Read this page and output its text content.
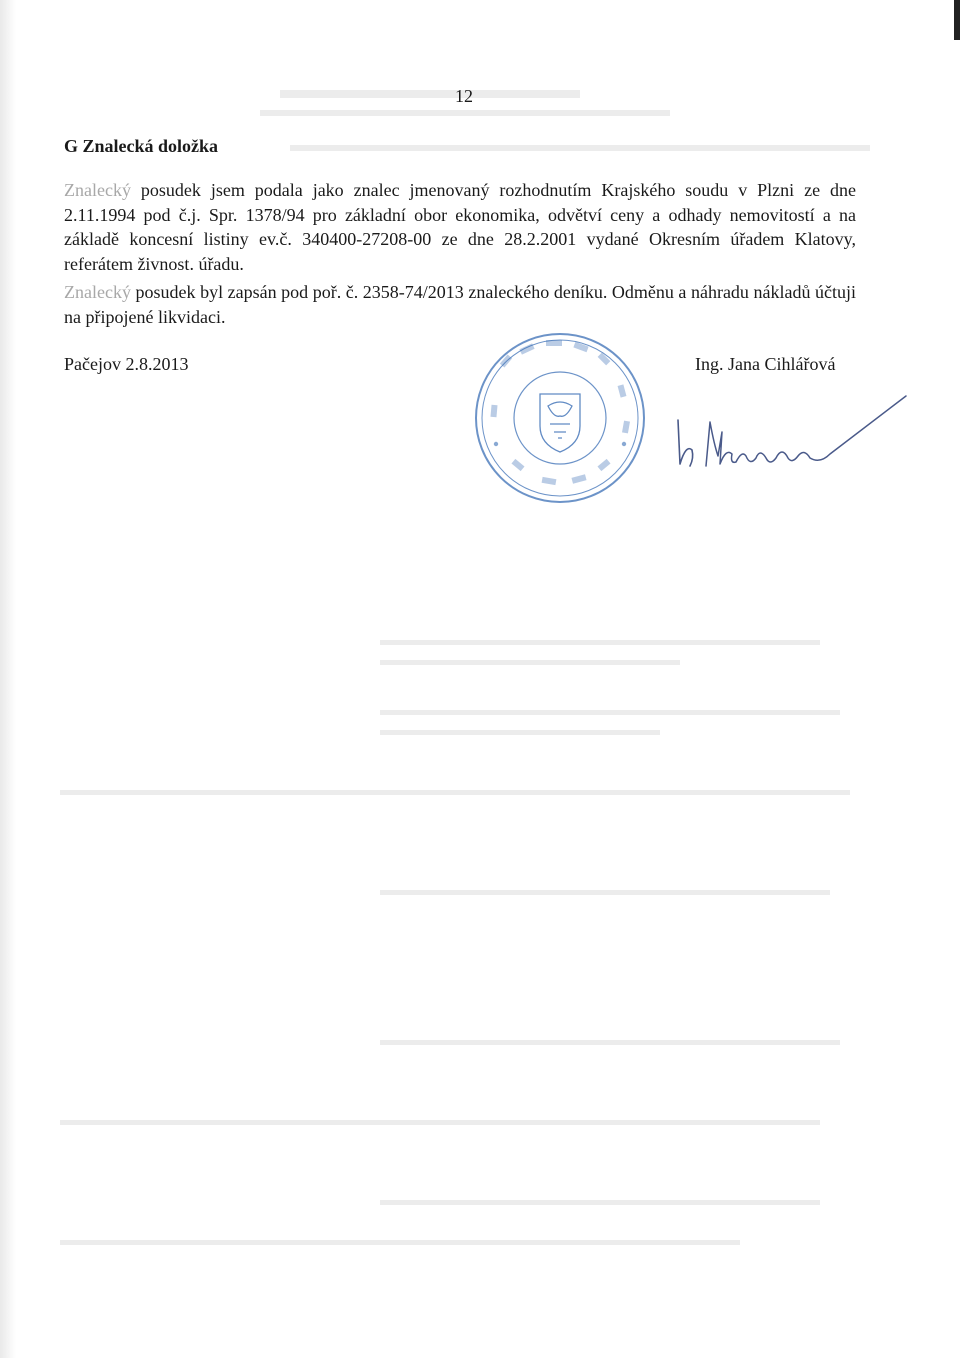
12
G Znalecká doložka
Znalecký posudek jsem podala jako znalec jmenovaný rozhodnutím Krajského soudu v Plzni ze dne 2.11.1994 pod č.j. Spr. 1378/94 pro základní obor ekonomika, odvětví ceny a odhady nemovitostí a na základě koncesní listiny ev.č. 340400-27208-00 ze dne 28.2.2001 vydané Okresním úřadem Klatovy, referátem živnost. úřadu.
Znalecký posudek byl zapsán pod poř. č. 2358-74/2013 znaleckého deníku. Odměnu a náhradu nákladů účtuji na připojené likvidaci.
Pačejov 2.8.2013	Ing. Jana Cihlářová
